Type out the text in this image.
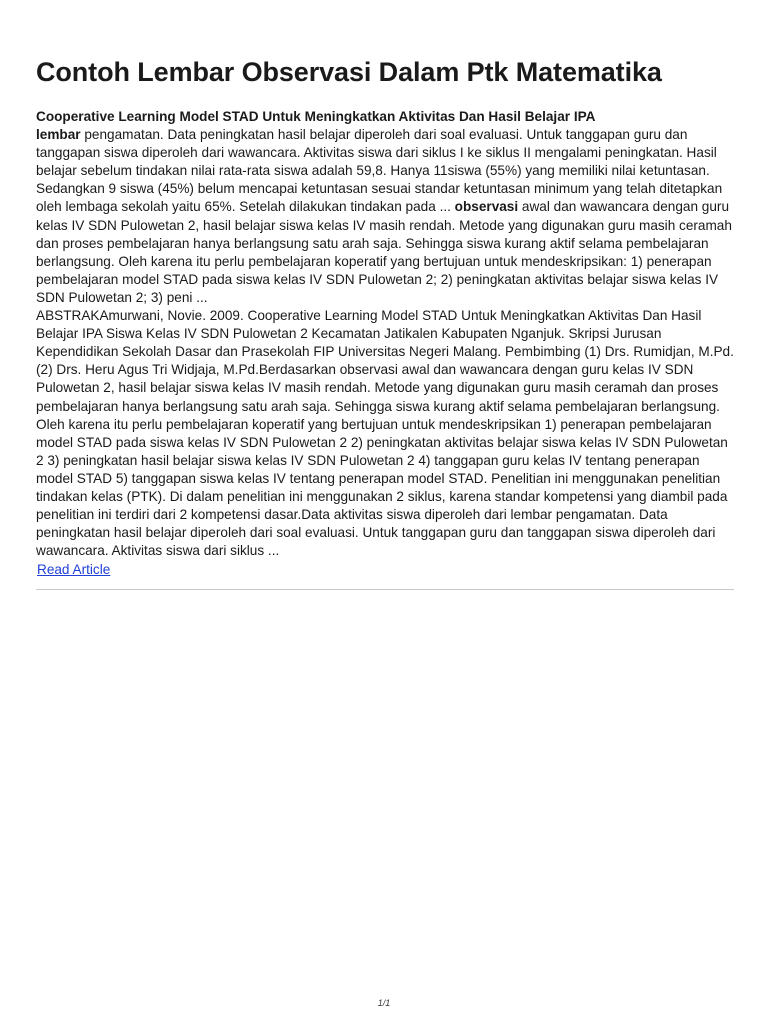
Contoh Lembar Observasi Dalam Ptk Matematika

Cooperative Learning Model STAD Untuk Meningkatkan Aktivitas Dan Hasil Belajar IPA

lembar pengamatan. Data peningkatan hasil belajar diperoleh dari soal evaluasi. Untuk tanggapan guru dan tanggapan siswa diperoleh dari wawancara. Aktivitas siswa dari siklus I ke siklus II mengalami peningkatan. Hasil belajar sebelum tindakan nilai rata-rata siswa adalah 59,8. Hanya 11siswa (55%) yang memiliki nilai ketuntasan. Sedangkan 9 siswa (45%) belum mencapai ketuntasan sesuai standar ketuntasan minimum yang telah ditetapkan oleh lembaga sekolah yaitu 65%. Setelah dilakukan tindakan pada ... observasi awal dan wawancara dengan guru kelas IV SDN Pulowetan 2, hasil belajar siswa kelas IV masih rendah. Metode yang digunakan guru masih ceramah dan proses pembelajaran hanya berlangsung satu arah saja. Sehingga siswa kurang aktif selama pembelajaran berlangsung. Oleh karena itu perlu pembelajaran koperatif yang bertujuan untuk mendeskripsikan: 1) penerapan pembelajaran model STAD pada siswa kelas IV SDN Pulowetan 2; 2) peningkatan aktivitas belajar siswa kelas IV SDN Pulowetan 2; 3) peni ...

ABSTRAKAmurwani, Novie. 2009. Cooperative Learning Model STAD Untuk Meningkatkan Aktivitas Dan Hasil Belajar IPA Siswa Kelas IV SDN Pulowetan 2 Kecamatan Jatikalen Kabupaten Nganjuk. Skripsi Jurusan Kependidikan Sekolah Dasar dan Prasekolah FIP Universitas Negeri Malang. Pembimbing (1) Drs. Rumidjan, M.Pd. (2) Drs. Heru Agus Tri Widjaja, M.Pd.Berdasarkan observasi awal dan wawancara dengan guru kelas IV SDN Pulowetan 2, hasil belajar siswa kelas IV masih rendah. Metode yang digunakan guru masih ceramah dan proses pembelajaran hanya berlangsung satu arah saja. Sehingga siswa kurang aktif selama pembelajaran berlangsung. Oleh karena itu perlu pembelajaran koperatif yang bertujuan untuk mendeskripsikan 1) penerapan pembelajaran model STAD pada siswa kelas IV SDN Pulowetan 2 2) peningkatan aktivitas belajar siswa kelas IV SDN Pulowetan 2 3) peningkatan hasil belajar siswa kelas IV SDN Pulowetan 2 4) tanggapan guru kelas IV tentang penerapan model STAD 5) tanggapan siswa kelas IV tentang penerapan model STAD. Penelitian ini menggunakan penelitian tindakan kelas (PTK). Di dalam penelitian ini menggunakan 2 siklus, karena standar kompetensi yang diambil pada penelitian ini terdiri dari 2 kompetensi dasar.Data aktivitas siswa diperoleh dari lembar pengamatan. Data peningkatan hasil belajar diperoleh dari soal evaluasi. Untuk tanggapan guru dan tanggapan siswa diperoleh dari wawancara. Aktivitas siswa dari siklus ...

Read Article
1/1
